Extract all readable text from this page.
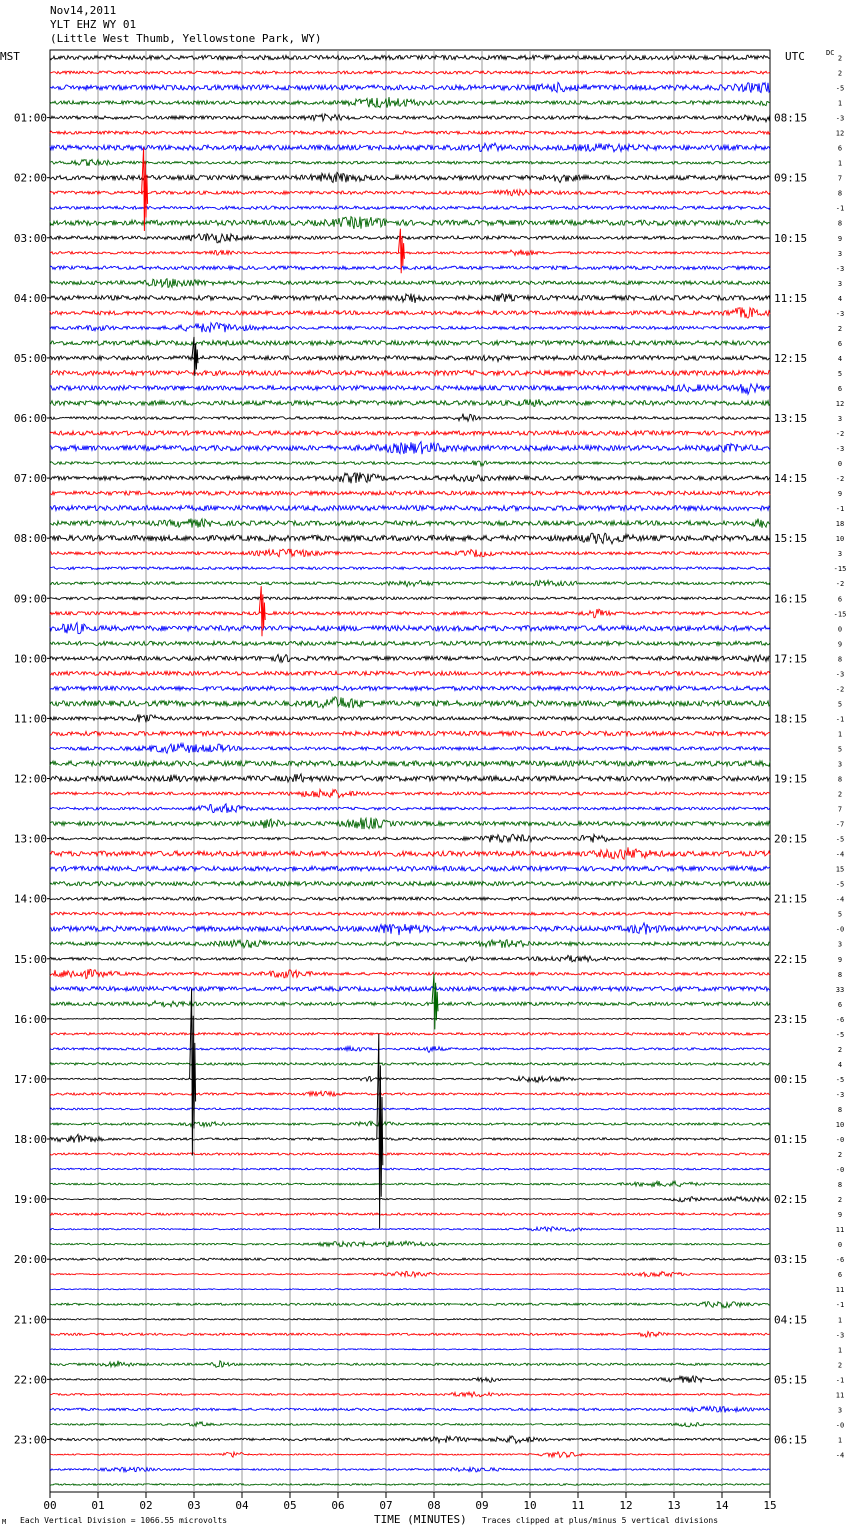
Nov14,2011
YLT EHZ WY 01
(Little West Thumb, Yellowstone Park, WY)
MST	UTC	DC
00	01	02	03	04	05	06	07	08	09	10	11	12	13	14	15
2
2
-5
1
-3
12
6
1
7
8
-1
8
9
3
-3
3
4
-3
2
6
4
5
6
12
3
-2
-3
0
-2
9
-1
18
10
3
-15
-2
6
-15
0
9
8
-3
-2
5
-1
1
5
3
8
2
7
-7
-5
-4
15
-5
-4
5
-0
3
9
8
33
6
-6
-5
2
4
-5
-3
8
10
-0
2
-0
8
2
9
11
0
-6
6
11
-1
1
-3
1
2
-1
11
3
-0
1
-4
01:00
02:00
03:00
04:00
05:00
06:00
07:00
08:00
09:00
10:00
11:00
12:00
13:00
14:00
15:00
16:00
17:00
18:00
19:00
20:00
21:00
22:00
23:00
08:15
09:15
10:15
11:15
12:15
13:15
14:15
15:15
16:15
17:15
18:15
19:15
20:15
21:15
22:15
23:15
00:15
01:15
02:15
03:15
04:15
05:15
06:15
M Each Vertical Division = 1066.55 microvolts	TIME (MINUTES) Traces clipped at plus/minus 5 vertical divisions
